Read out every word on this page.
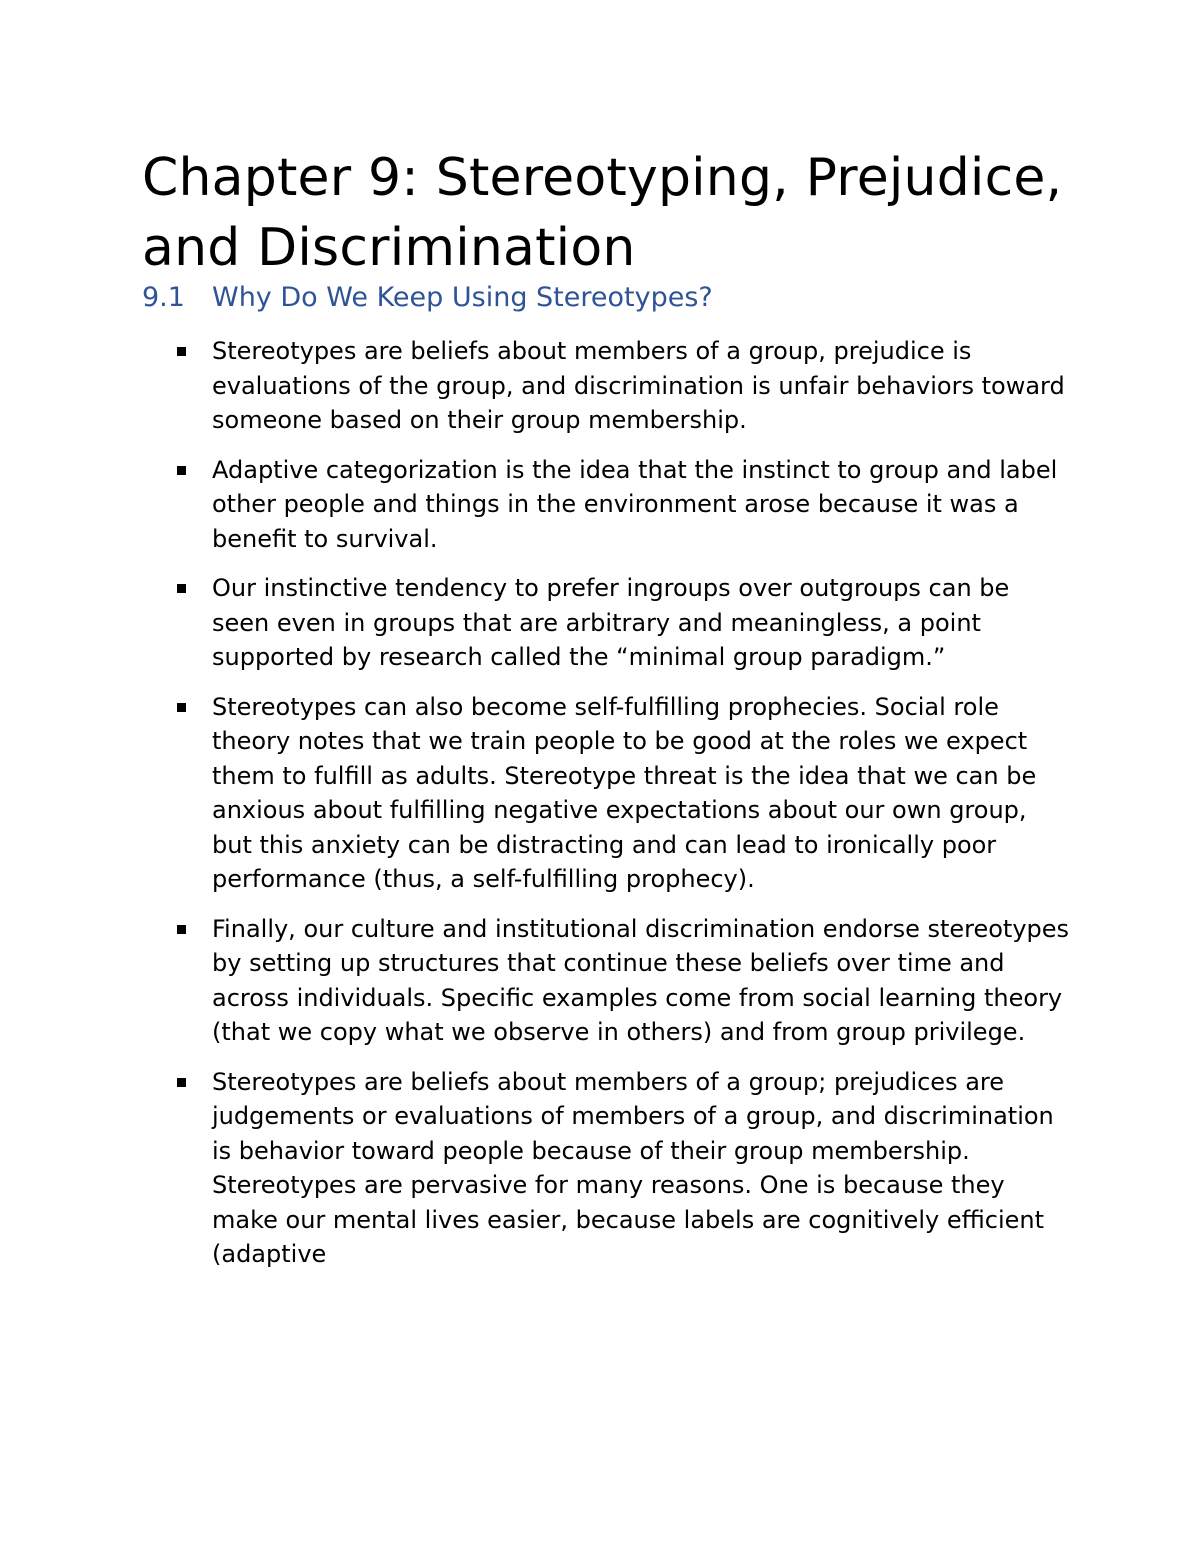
Chapter 9: Stereotyping, Prejudice, and Discrimination
9.1 Why Do We Keep Using Stereotypes?
Stereotypes are beliefs about members of a group, prejudice is evaluations of the group, and discrimination is unfair behaviors toward someone based on their group membership.
Adaptive categorization is the idea that the instinct to group and label other people and things in the environment arose because it was a benefit to survival.
Our instinctive tendency to prefer ingroups over outgroups can be seen even in groups that are arbitrary and meaningless, a point supported by research called the “minimal group paradigm.”
Stereotypes can also become self-fulfilling prophecies. Social role theory notes that we train people to be good at the roles we expect them to fulfill as adults. Stereotype threat is the idea that we can be anxious about fulfilling negative expectations about our own group, but this anxiety can be distracting and can lead to ironically poor performance (thus, a self-fulfilling prophecy).
Finally, our culture and institutional discrimination endorse stereotypes by setting up structures that continue these beliefs over time and across individuals. Specific examples come from social learning theory (that we copy what we observe in others) and from group privilege.
Stereotypes are beliefs about members of a group; prejudices are judgements or evaluations of members of a group, and discrimination is behavior toward people because of their group membership. Stereotypes are pervasive for many reasons. One is because they make our mental lives easier, because labels are cognitively efficient (adaptive
